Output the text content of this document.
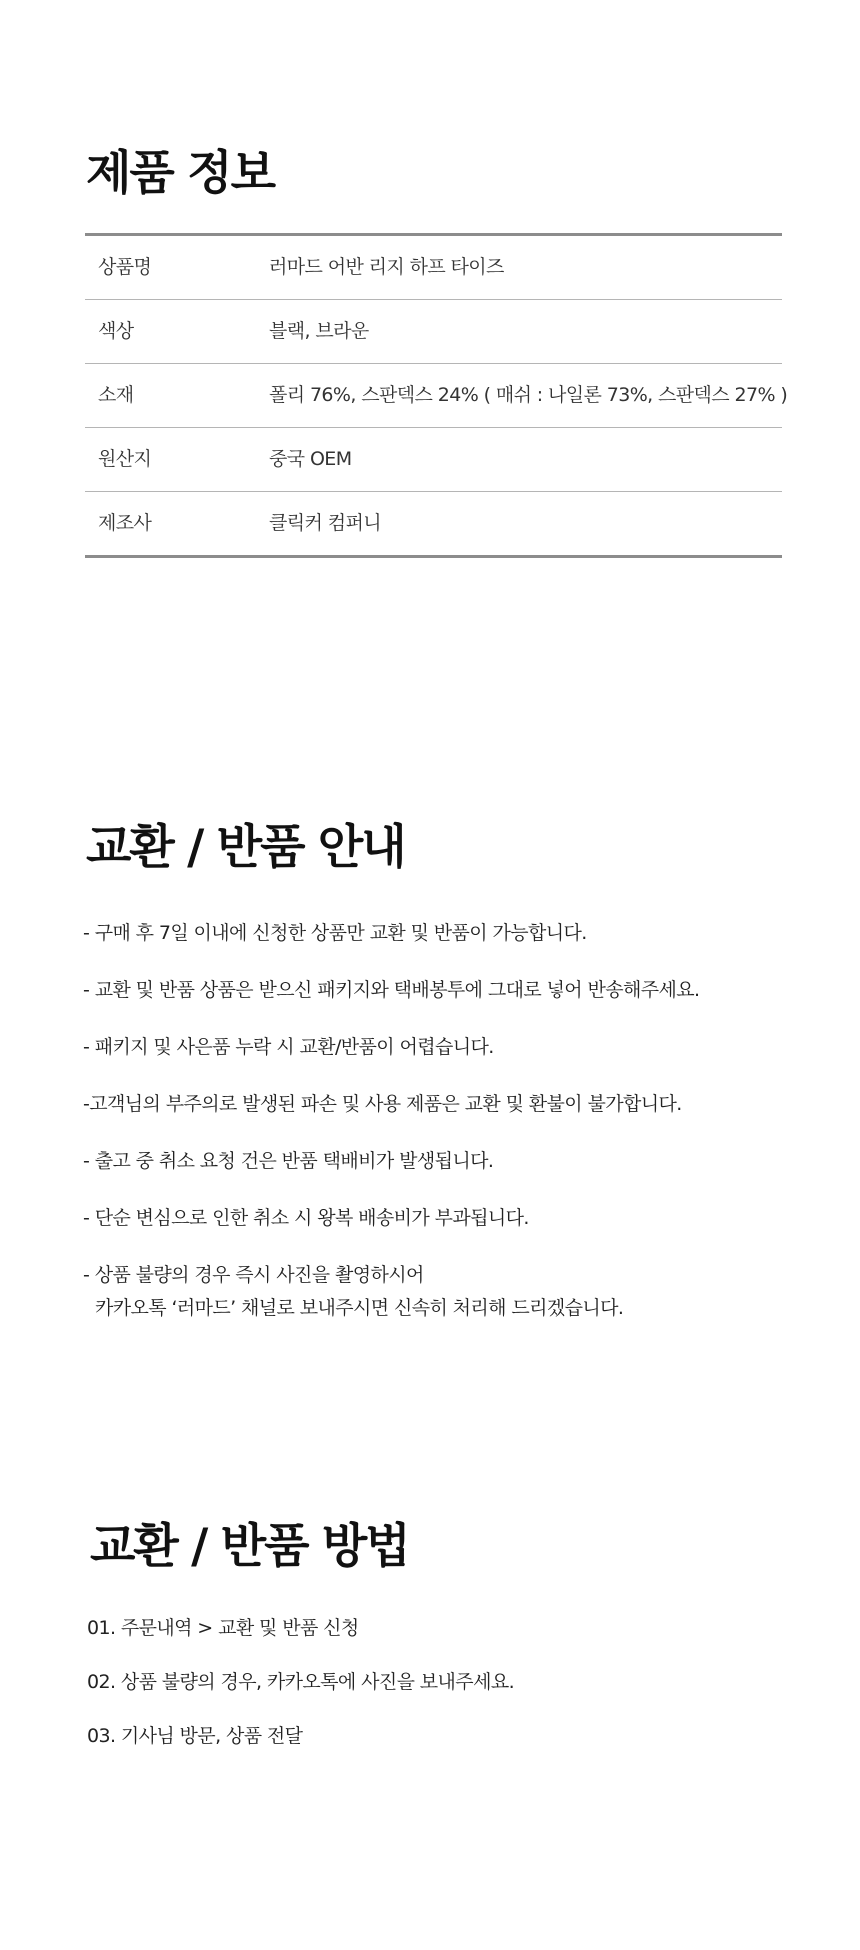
제품 정보
상품명	러마드 어반 리지 하프 타이즈
색상	블랙, 브라운
소재	폴리 76%, 스판덱스 24% ( 매쉬 : 나일론 73%, 스판덱스 27% )
원산지	중국 OEM
제조사	클릭커 컴퍼니
교환 / 반품 안내
- 구매 후 7일 이내에 신청한 상품만 교환 및 반품이 가능합니다.
- 교환 및 반품 상품은 받으신 패키지와 택배봉투에 그대로 넣어 반송해주세요.
- 패키지 및 사은품 누락 시 교환/반품이 어렵습니다.
-고객님의 부주의로 발생된 파손 및 사용 제품은 교환 및 환불이 불가합니다.
- 출고 중 취소 요청 건은 반품 택배비가 발생됩니다.
- 단순 변심으로 인한 취소 시 왕복 배송비가 부과됩니다.
- 상품 불량의 경우 즉시 사진을 촬영하시어
카카오톡 ‘러마드’ 채널로 보내주시면 신속히 처리해 드리겠습니다.
교환 / 반품 방법
01. 주문내역 > 교환 및 반품 신청
02. 상품 불량의 경우, 카카오톡에 사진을 보내주세요.
03. 기사님 방문, 상품 전달
